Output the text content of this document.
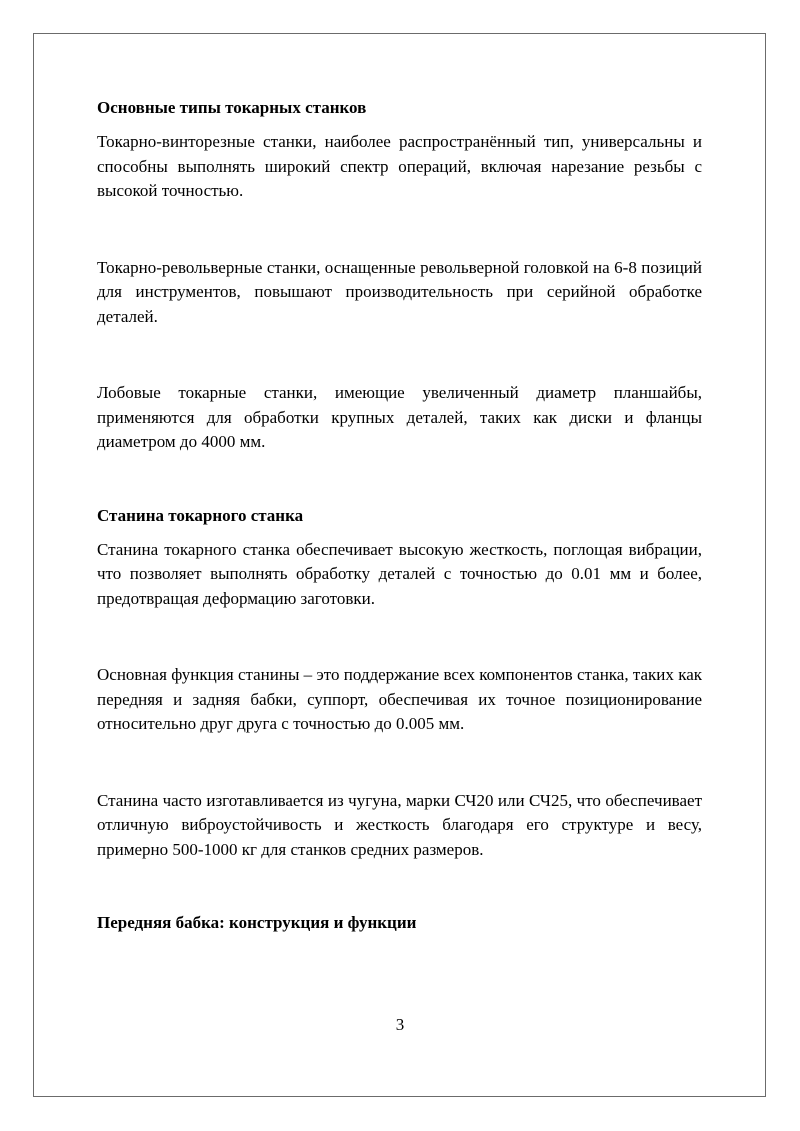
Основные типы токарных станков

Токарно-винторезные станки, наиболее распространённый тип, универсальны и способны выполнять широкий спектр операций, включая нарезание резьбы с высокой точностью.

Токарно-револьверные станки, оснащенные револьверной головкой на 6-8 позиций для инструментов, повышают производительность при серийной обработке деталей.

Лобовые токарные станки, имеющие увеличенный диаметр планшайбы, применяются для обработки крупных деталей, таких как диски и фланцы диаметром до 4000 мм.

Станина токарного станка

Станина токарного станка обеспечивает высокую жесткость, поглощая вибрации, что позволяет выполнять обработку деталей с точностью до 0.01 мм и более, предотвращая деформацию заготовки.

Основная функция станины – это поддержание всех компонентов станка, таких как передняя и задняя бабки, суппорт, обеспечивая их точное позиционирование относительно друг друга с точностью до 0.005 мм.

Станина часто изготавливается из чугуна, марки СЧ20 или СЧ25, что обеспечивает отличную виброустойчивость и жесткость благодаря его структуре и весу, примерно 500-1000 кг для станков средних размеров.

Передняя бабка: конструкция и функции
3
